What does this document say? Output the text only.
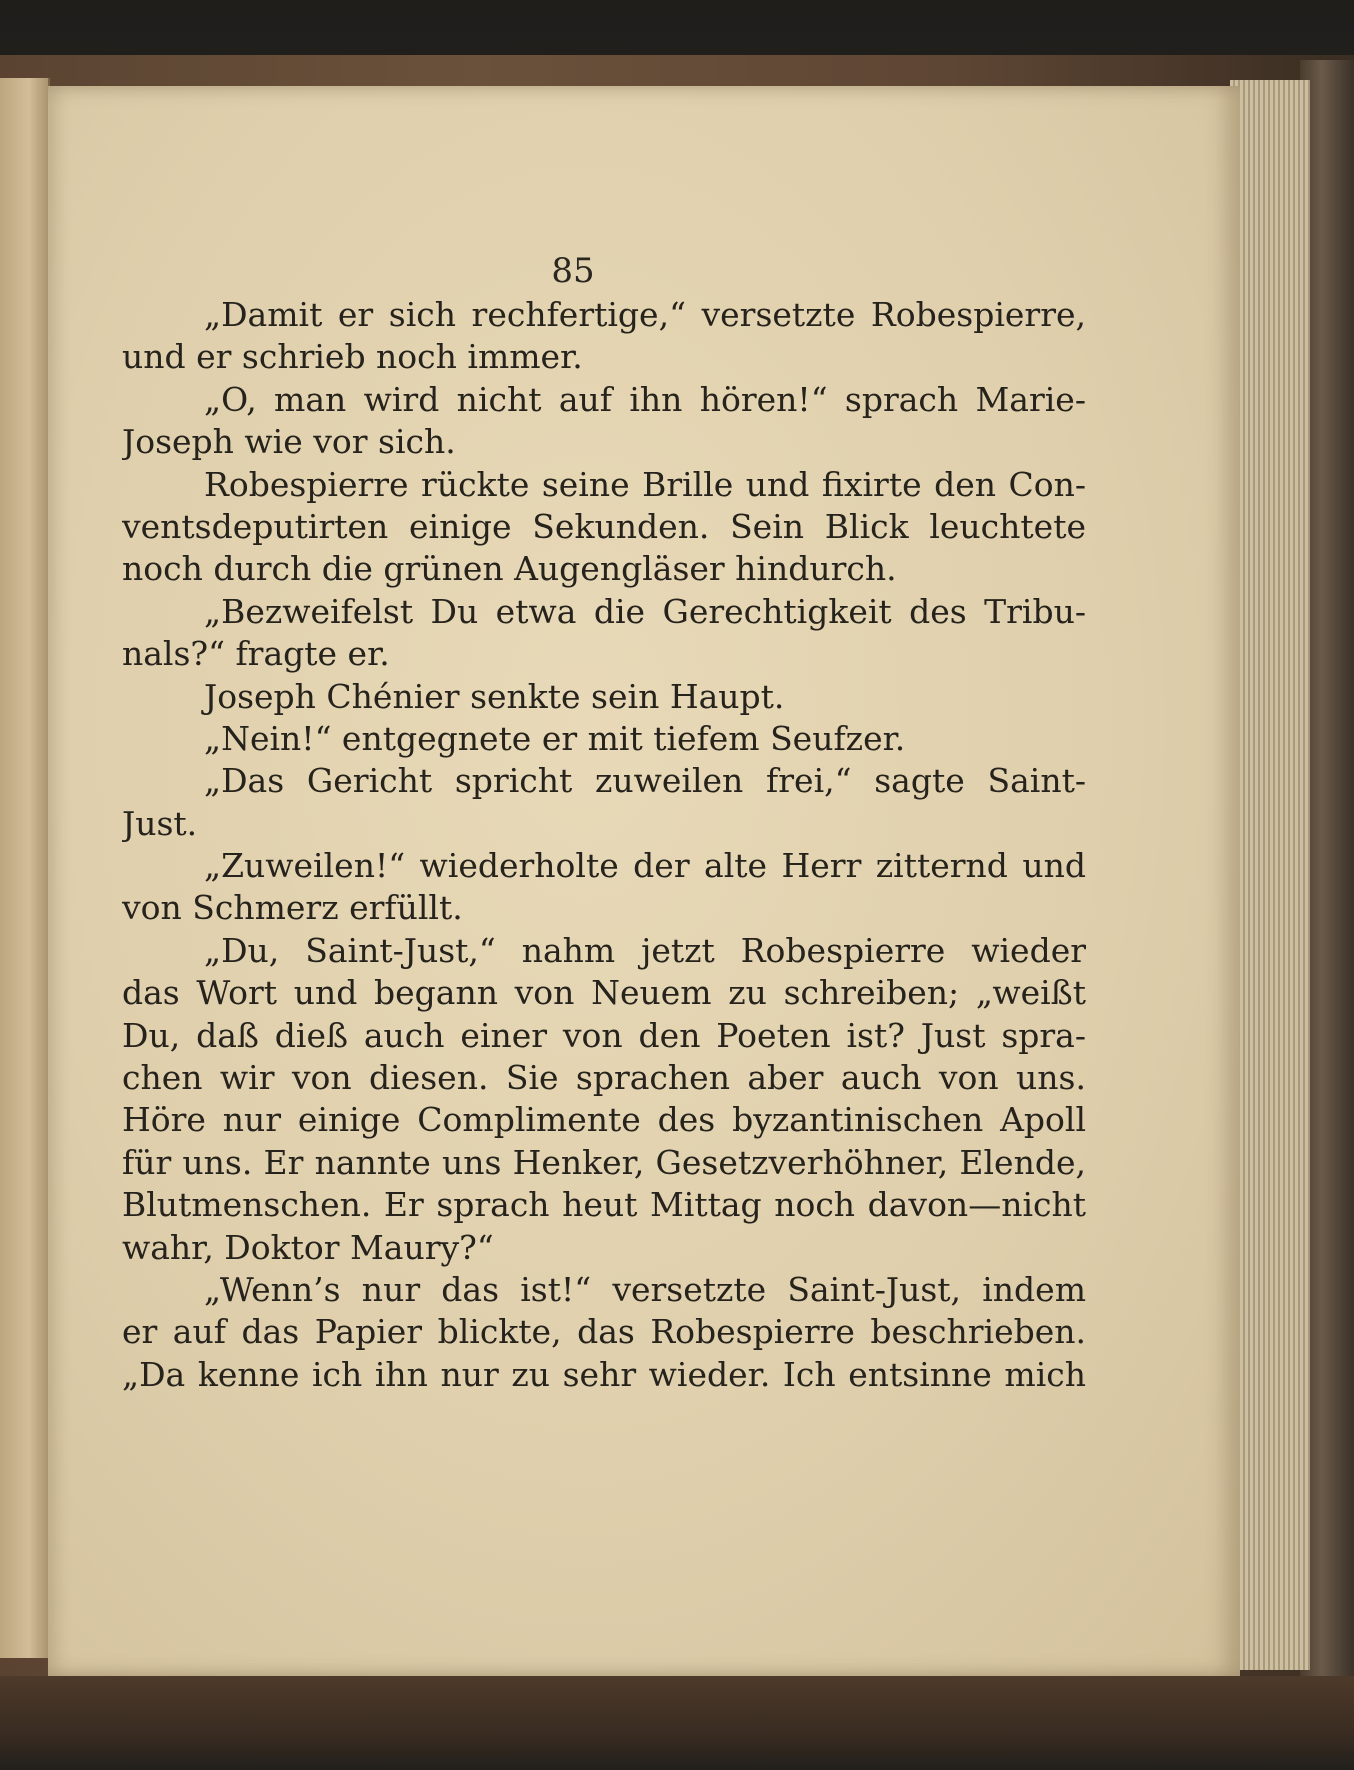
85
„Damit er sich rechfertige,“ versetzte Robespierre,
und er schrieb noch immer.
„O, man wird nicht auf ihn hören!“ sprach Marie-
Joseph wie vor sich.
Robespierre rückte seine Brille und fixirte den Con-
ventsdeputirten einige Sekunden. Sein Blick leuchtete
noch durch die grünen Augengläser hindurch.
„Bezweifelst Du etwa die Gerechtigkeit des Tribu-
nals?“ fragte er.
Joseph Chénier senkte sein Haupt.
„Nein!“ entgegnete er mit tiefem Seufzer.
„Das Gericht spricht zuweilen frei,“ sagte Saint-
Just.
„Zuweilen!“ wiederholte der alte Herr zitternd und
von Schmerz erfüllt.
„Du, Saint-Just,“ nahm jetzt Robespierre wieder
das Wort und begann von Neuem zu schreiben; „weißt
Du, daß dieß auch einer von den Poeten ist? Just spra-
chen wir von diesen. Sie sprachen aber auch von uns.
Höre nur einige Complimente des byzantinischen Apoll
für uns. Er nannte uns Henker, Gesetzverhöhner, Elende,
Blutmenschen. Er sprach heut Mittag noch davon—nicht
wahr, Doktor Maury?“
„Wenn’s nur das ist!“ versetzte Saint-Just, indem
er auf das Papier blickte, das Robespierre beschrieben.
„Da kenne ich ihn nur zu sehr wieder. Ich entsinne mich
